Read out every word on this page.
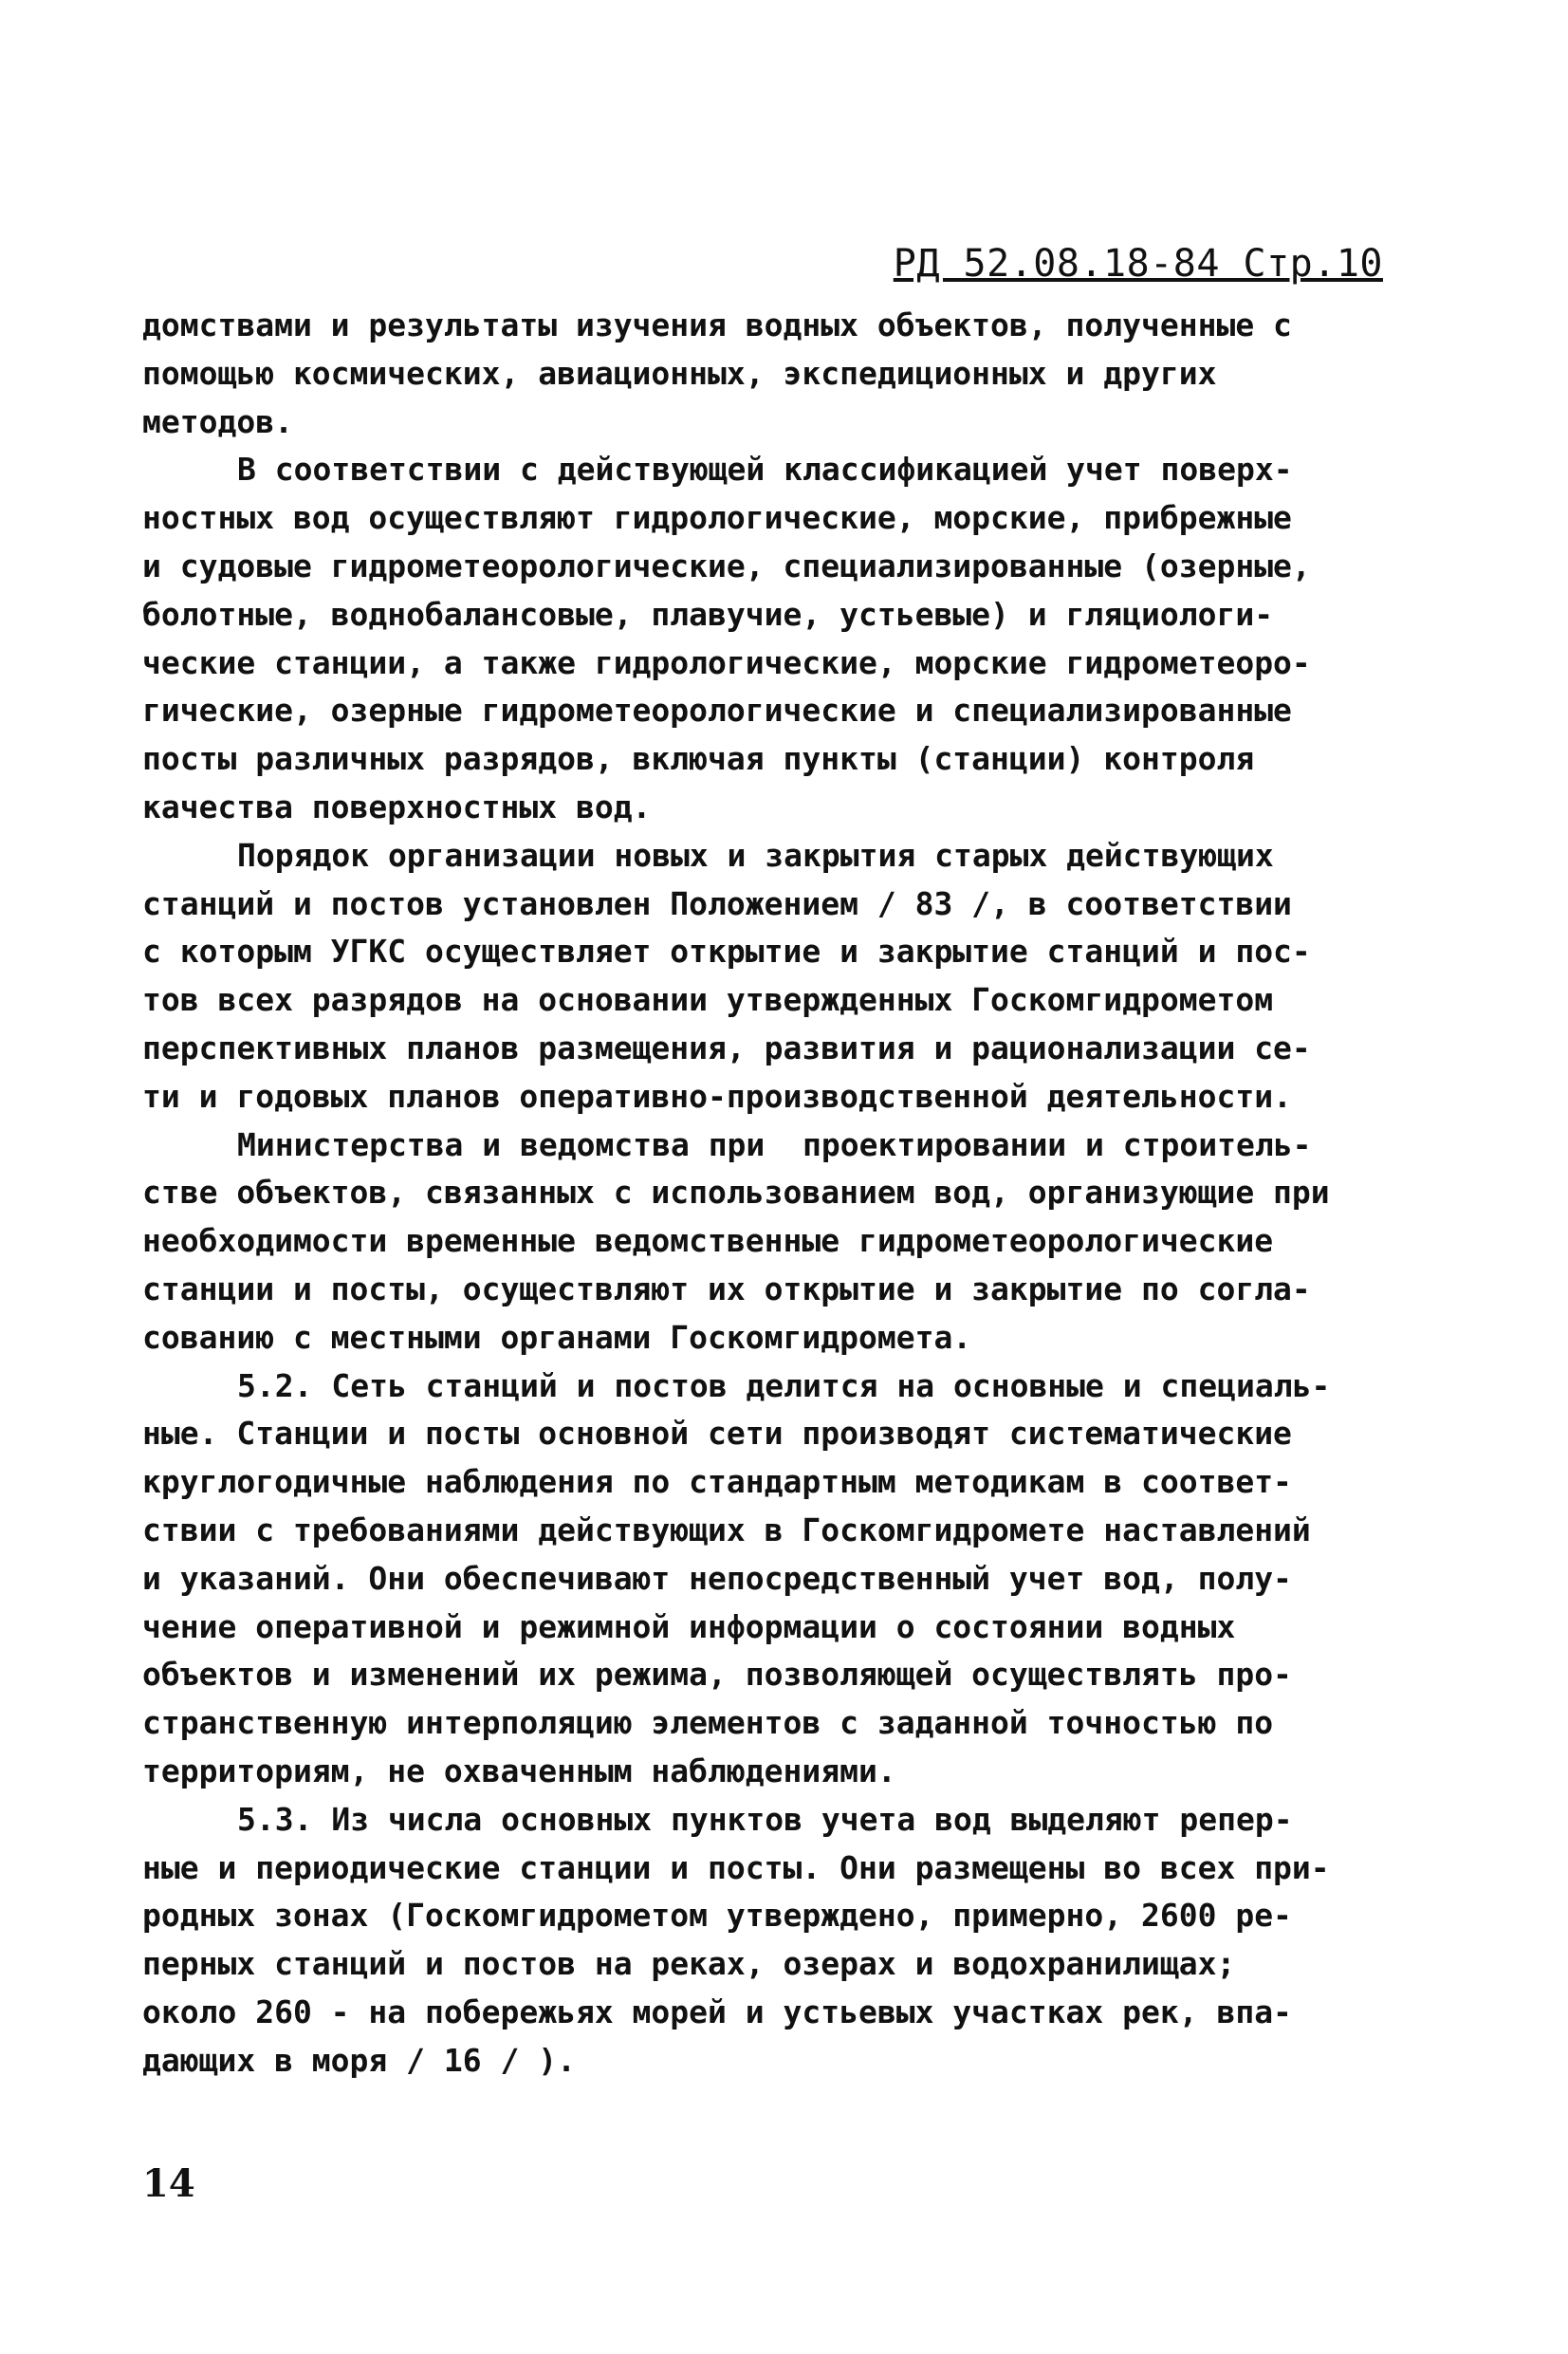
РД 52.08.18-84 Стр.10
домствами и результаты изучения водных объектов, полученные с
помощью космических, авиационных, экспедиционных и других
методов.
В соответствии с действующей классификацией учет поверх-
ностных вод осуществляют гидрологические, морские, прибрежные
и судовые гидрометеорологические, специализированные (озерные,
болотные, воднобалансовые, плавучие, устьевые) и гляциологи-
ческие станции, а также гидрологические, морские гидрометеоро-
гические, озерные гидрометеорологические и специализированные
посты различных разрядов, включая пункты (станции) контроля
качества поверхностных вод.
Порядок организации новых и закрытия старых действующих
станций и постов установлен Положением / 83 /, в соответствии
с которым УГКС осуществляет открытие и закрытие станций и пос-
тов всех разрядов на основании утвержденных Госкомгидрометом
перспективных планов размещения, развития и рационализации се-
ти и годовых планов оперативно-производственной деятельности.
Министерства и ведомства при  проектировании и строитель-
стве объектов, связанных с использованием вод, организующие при
необходимости временные ведомственные гидрометеорологические
станции и посты, осуществляют их открытие и закрытие по согла-
сованию с местными органами Госкомгидромета.
5.2. Сеть станций и постов делится на основные и специаль-
ные. Станции и посты основной сети производят систематические
круглогодичные наблюдения по стандартным методикам в соответ-
ствии с требованиями действующих в Госкомгидромете наставлений
и указаний. Они обеспечивают непосредственный учет вод, полу-
чение оперативной и режимной информации о состоянии водных
объектов и изменений их режима, позволяющей осуществлять про-
странственную интерполяцию элементов с заданной точностью по
территориям, не охваченным наблюдениями.
5.3. Из числа основных пунктов учета вод выделяют репер-
ные и периодические станции и посты. Они размещены во всех при-
родных зонах (Госкомгидрометом утверждено, примерно, 2600 ре-
перных станций и постов на реках, озерах и водохранилищах;
около 260 - на побережьях морей и устьевых участках рек, впа-
дающих в моря / 16 / ).
14
